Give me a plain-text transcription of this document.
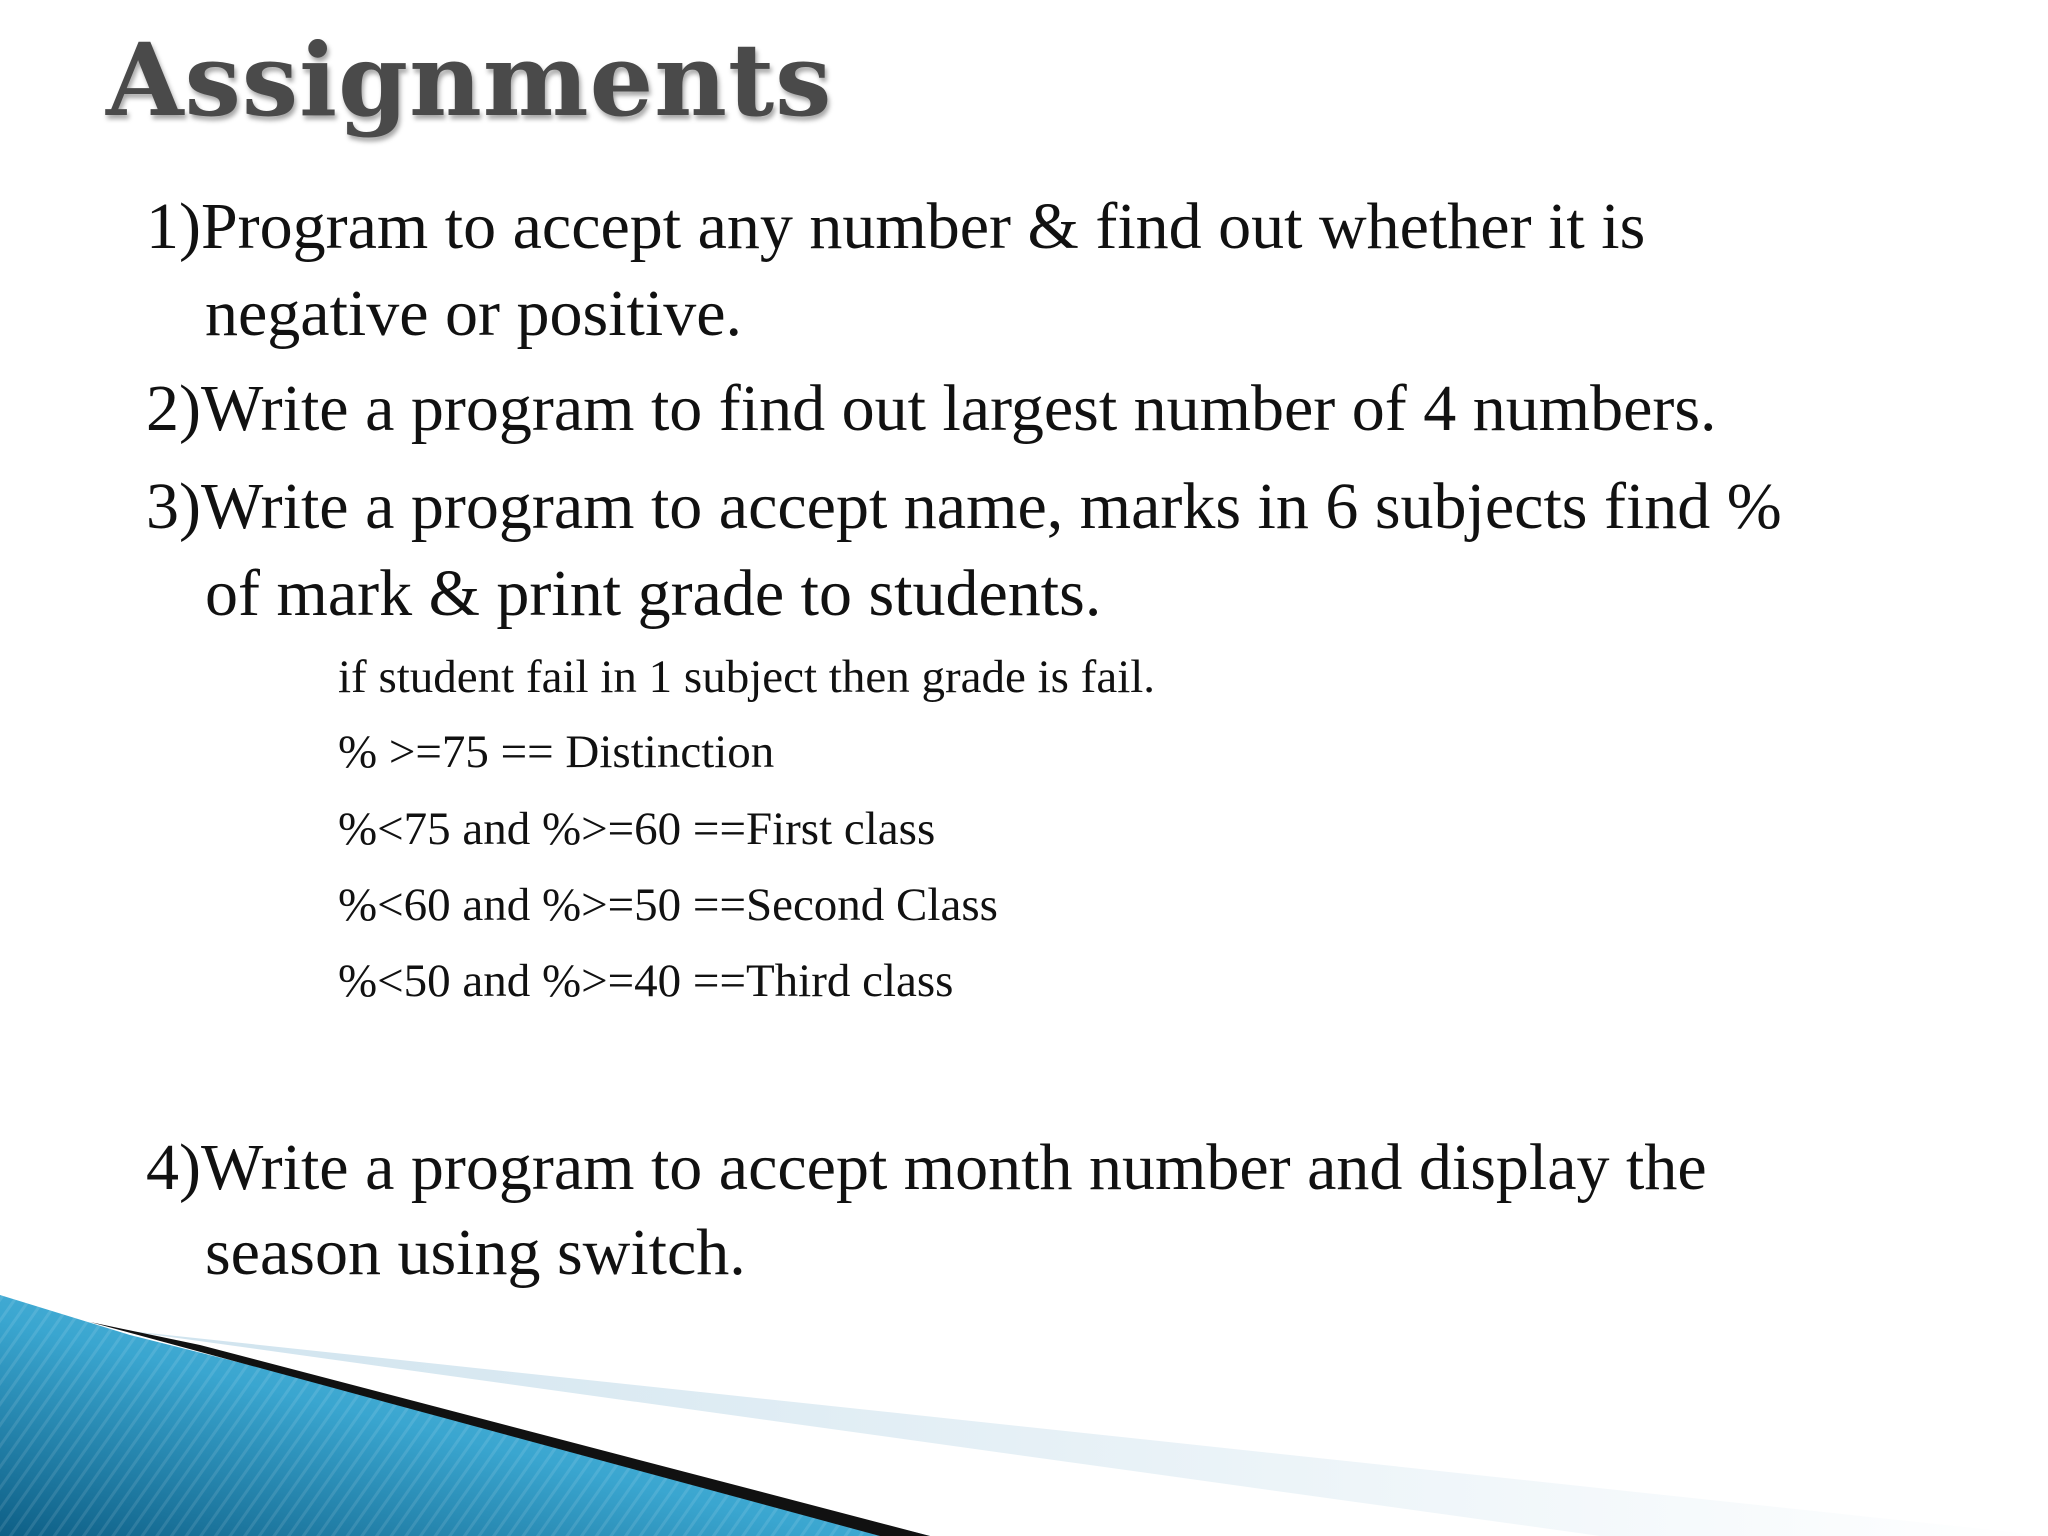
Assignments

1)Program to accept any number & find out whether it is

negative or positive.

2)Write a program to find out largest number of 4 numbers.

3)Write a program to accept name, marks in 6 subjects find %

of mark & print grade to students.

if student fail in 1 subject then grade is fail.

% >=75 == Distinction

%<75 and %>=60 ==First class

%<60 and %>=50 ==Second Class

%<50 and %>=40 ==Third class

4)Write a program to accept month number and display the

season using switch.
